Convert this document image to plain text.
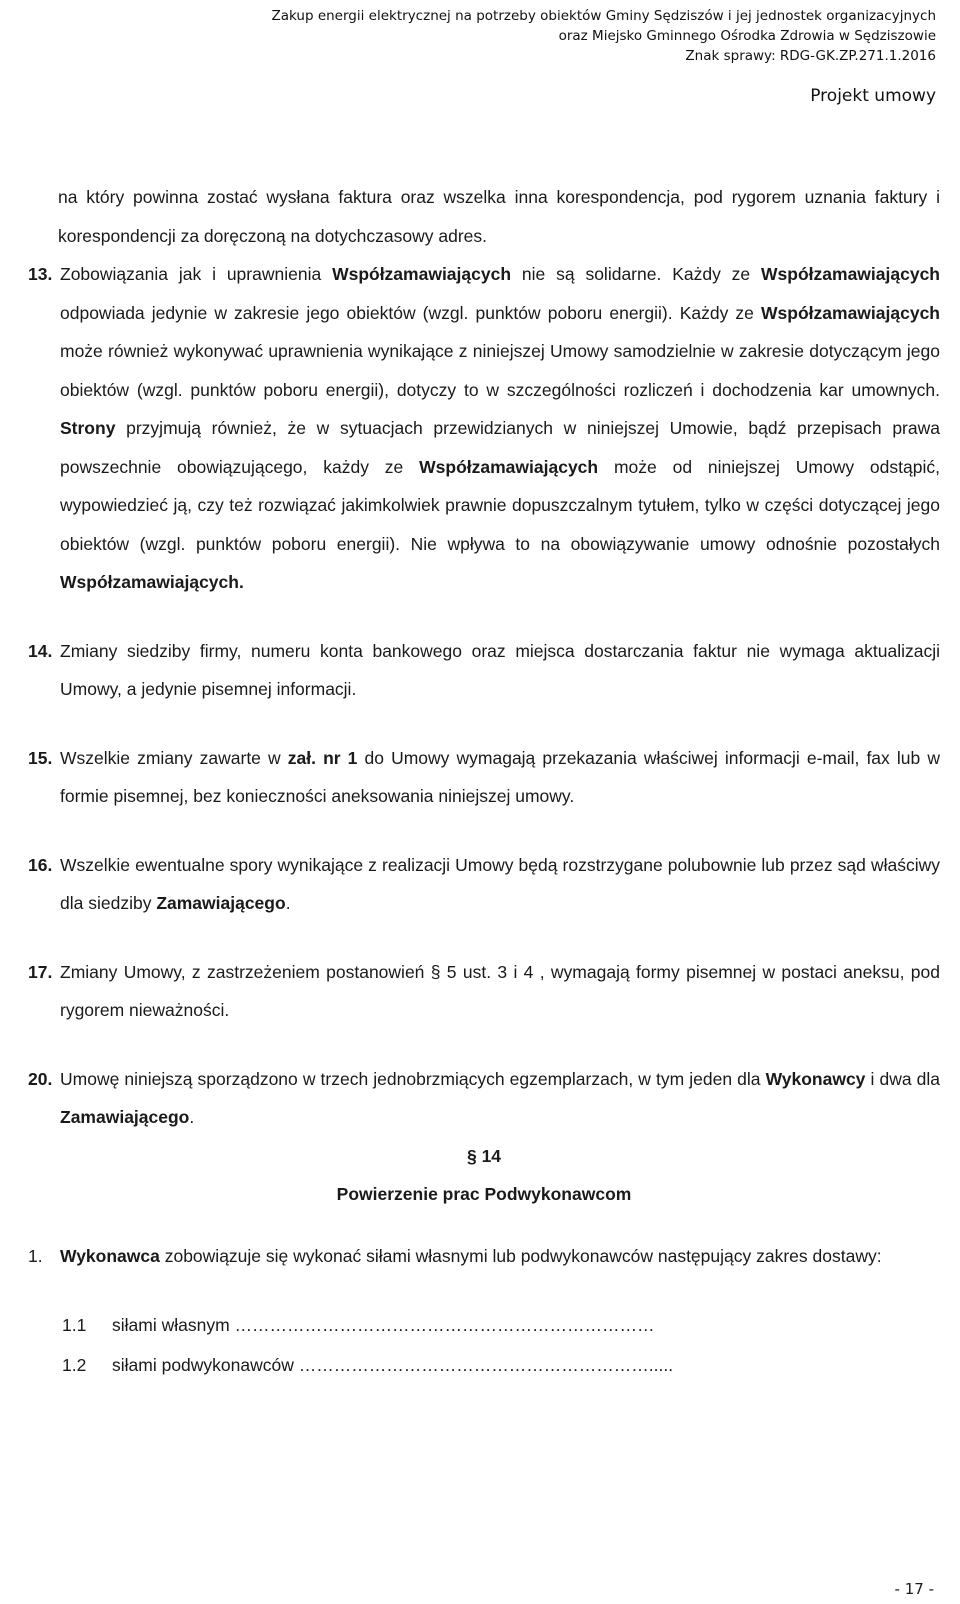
Zakup energii elektrycznej na potrzeby obiektów Gminy Sędziszów i jej jednostek organizacyjnych
oraz Miejsko Gminnego Ośrodka Zdrowia w Sędziszowie
Znak sprawy: RDG-GK.ZP.271.1.2016
Projekt umowy

na który powinna zostać wysłana faktura oraz wszelka inna korespondencja, pod rygorem uznania faktury i korespondencji za doręczoną na dotychczasowy adres.

13. Zobowiązania jak i uprawnienia Współzamawiających nie są solidarne. Każdy ze Współzamawiających odpowiada jedynie w zakresie jego obiektów (wzgl. punktów poboru energii). Każdy ze Współzamawiających może również wykonywać uprawnienia wynikające z niniejszej Umowy samodzielnie w zakresie dotyczącym jego obiektów (wzgl. punktów poboru energii), dotyczy to w szczególności rozliczeń i dochodzenia kar umownych. Strony przyjmują również, że w sytuacjach przewidzianych w niniejszej Umowie, bądź przepisach prawa powszechnie obowiązującego, każdy ze Współzamawiających może od niniejszej Umowy odstąpić, wypowiedzieć ją, czy też rozwiązać jakimkolwiek prawnie dopuszczalnym tytułem, tylko w części dotyczącej jego obiektów (wzgl. punktów poboru energii). Nie wpływa to na obowiązywanie umowy odnośnie pozostałych Współzamawiających.
14. Zmiany siedziby firmy, numeru konta bankowego oraz miejsca dostarczania faktur nie wymaga aktualizacji Umowy, a jedynie pisemnej informacji.
15. Wszelkie zmiany zawarte w zał. nr 1 do Umowy wymagają przekazania właściwej informacji e-mail, fax lub w formie pisemnej, bez konieczności aneksowania niniejszej umowy.
16. Wszelkie ewentualne spory wynikające z realizacji Umowy będą rozstrzygane polubownie lub przez sąd właściwy dla siedziby Zamawiającego.
17. Zmiany Umowy, z zastrzeżeniem postanowień § 5 ust. 3 i 4 , wymagają formy pisemnej w postaci aneksu, pod rygorem nieważności.
20. Umowę niniejszą sporządzono w trzech jednobrzmiących egzemplarzach, w tym jeden dla Wykonawcy i dwa dla Zamawiającego.
§ 14
Powierzenie prac Podwykonawcom
1. Wykonawca zobowiązuje się wykonać siłami własnymi lub podwykonawców następujący zakres dostawy:
1.1	siłami własnym ………………………………………………………………
1.2	siłami podwykonawców …………………………………………………….....
- 17 -
